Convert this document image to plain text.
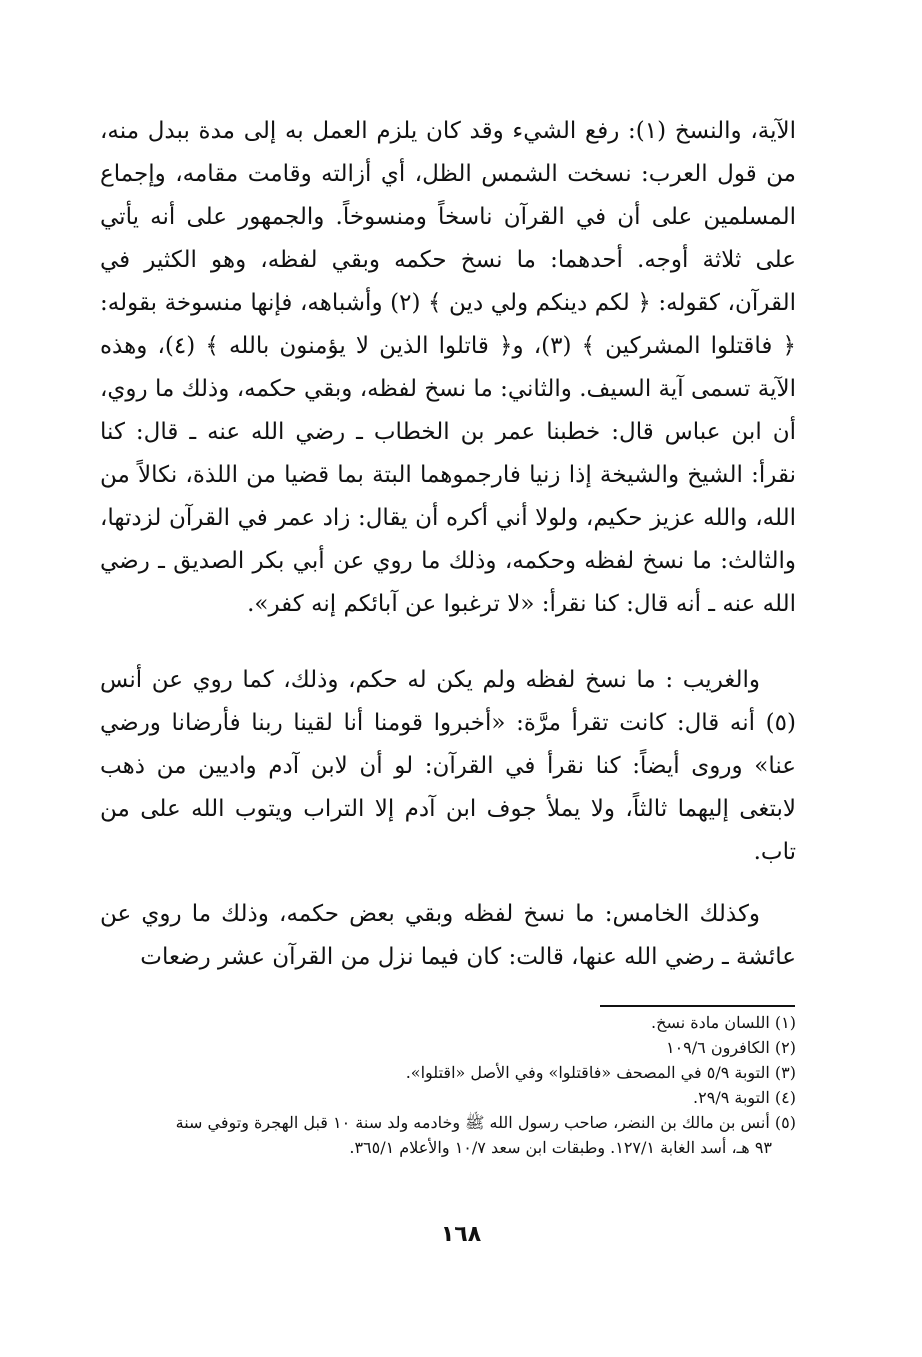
الآية، والنسخ (١): رفع الشيء وقد كان يلزم العمل به إلى مدة ببدل منه، من قول العرب: نسخت الشمس الظل، أي أزالته وقامت مقامه، وإجماع المسلمين على أن في القرآن ناسخاً ومنسوخاً. والجمهور على أنه يأتي على ثلاثة أوجه. أحدهما: ما نسخ حكمه وبقي لفظه، وهو الكثير في القرآن، كقوله: ﴿ لكم دينكم ولي دين ﴾ (٢) وأشباهه، فإنها منسوخة بقوله: ﴿ فاقتلوا المشركين ﴾ (٣)، و﴿ قاتلوا الذين لا يؤمنون بالله ﴾ (٤)، وهذه الآية تسمى آية السيف. والثاني: ما نسخ لفظه، وبقي حكمه، وذلك ما روي، أن ابن عباس قال: خطبنا عمر بن الخطاب ـ رضي الله عنه ـ قال: كنا نقرأ: الشيخ والشيخة إذا زنيا فارجموهما البتة بما قضيا من اللذة، نكالاً من الله، والله عزيز حكيم، ولولا أني أكره أن يقال: زاد عمر في القرآن لزدتها، والثالث: ما نسخ لفظه وحكمه، وذلك ما روي عن أبي بكر الصديق ـ رضي الله عنه ـ أنه قال: كنا نقرأ: «لا ترغبوا عن آبائكم إنه كفر».

والغريب : ما نسخ لفظه ولم يكن له حكم، وذلك، كما روي عن أنس (٥) أنه قال: كانت تقرأ مرَّة: «أخبروا قومنا أنا لقينا ربنا فأرضانا ورضي عنا» وروى أيضاً: كنا نقرأ في القرآن: لو أن لابن آدم واديين من ذهب لابتغى إليهما ثالثاً، ولا يملأ جوف ابن آدم إلا التراب ويتوب الله على من تاب.

وكذلك الخامس: ما نسخ لفظه وبقي بعض حكمه، وذلك ما روي عن عائشة ـ رضي الله عنها، قالت: كان فيما نزل من القرآن عشر رضعات

(١) اللسان مادة نسخ.

(٢) الكافرون ١٠٩/٦

(٣) التوبة ٥/٩ في المصحف «فاقتلوا» وفي الأصل «اقتلوا».

(٤) التوبة ٢٩/٩.

(٥) أنس بن مالك بن النضر، صاحب رسول الله ﷺ وخادمه ولد سنة ١٠ قبل الهجرة وتوفي سنة

٩٣ هـ، أسد الغابة ١٢٧/١. وطبقات ابن سعد ١٠/٧ والأعلام ٣٦٥/١.

١٦٨
